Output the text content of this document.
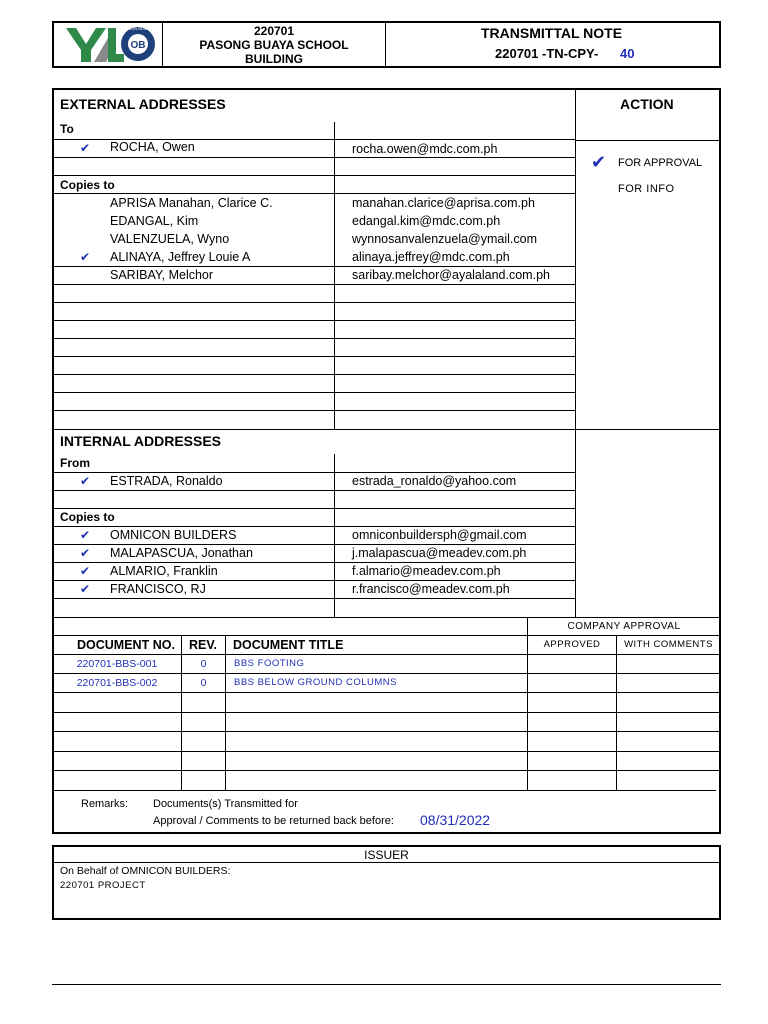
OB
OMNICON BUILDERS	220701
PASONG BUAYA SCHOOL
BUILDING
TRANSMITTAL NOTE
220701 -TN-CPY- 40
EXTERNAL ADDRESSES
To
✔ ROCHA, Owen	rocha.owen@mdc.com.ph
Copies to
APRISA Manahan, Clarice C.	manahan.clarice@aprisa.com.ph
EDANGAL, Kim	edangal.kim@mdc.com.ph
VALENZUELA, Wyno	wynnosanvalenzuela@ymail.com
✔ ALINAYA, Jeffrey Louie A	alinaya.jeffrey@mdc.com.ph
SARIBAY, Melchor	saribay.melchor@ayalaland.com.ph
ACTION
✔ FOR APPROVAL
FOR INFO
INTERNAL ADDRESSES
From
✔ ESTRADA, Ronaldo	estrada_ronaldo@yahoo.com
Copies to
✔ OMNICON BUILDERS	omniconbuildersph@gmail.com
✔ MALAPASCUA, Jonathan	j.malapascua@meadev.com.ph
✔ ALMARIO, Franklin	f.almario@meadev.com.ph
✔ FRANCISCO, RJ	r.francisco@meadev.com.ph
COMPANY APPROVAL
DOCUMENT NO. REV. DOCUMENT TITLE	APPROVED	WITH COMMENTS
220701-BBS-001	0	BBS FOOTING
220701-BBS-002	0	BBS BELOW GROUND COLUMNS
Remarks: Documents(s) Transmitted for
Approval / Comments to be returned back before: 08/31/2022
ISSUER
On Behalf of OMNICON BUILDERS:
220701 PROJECT
